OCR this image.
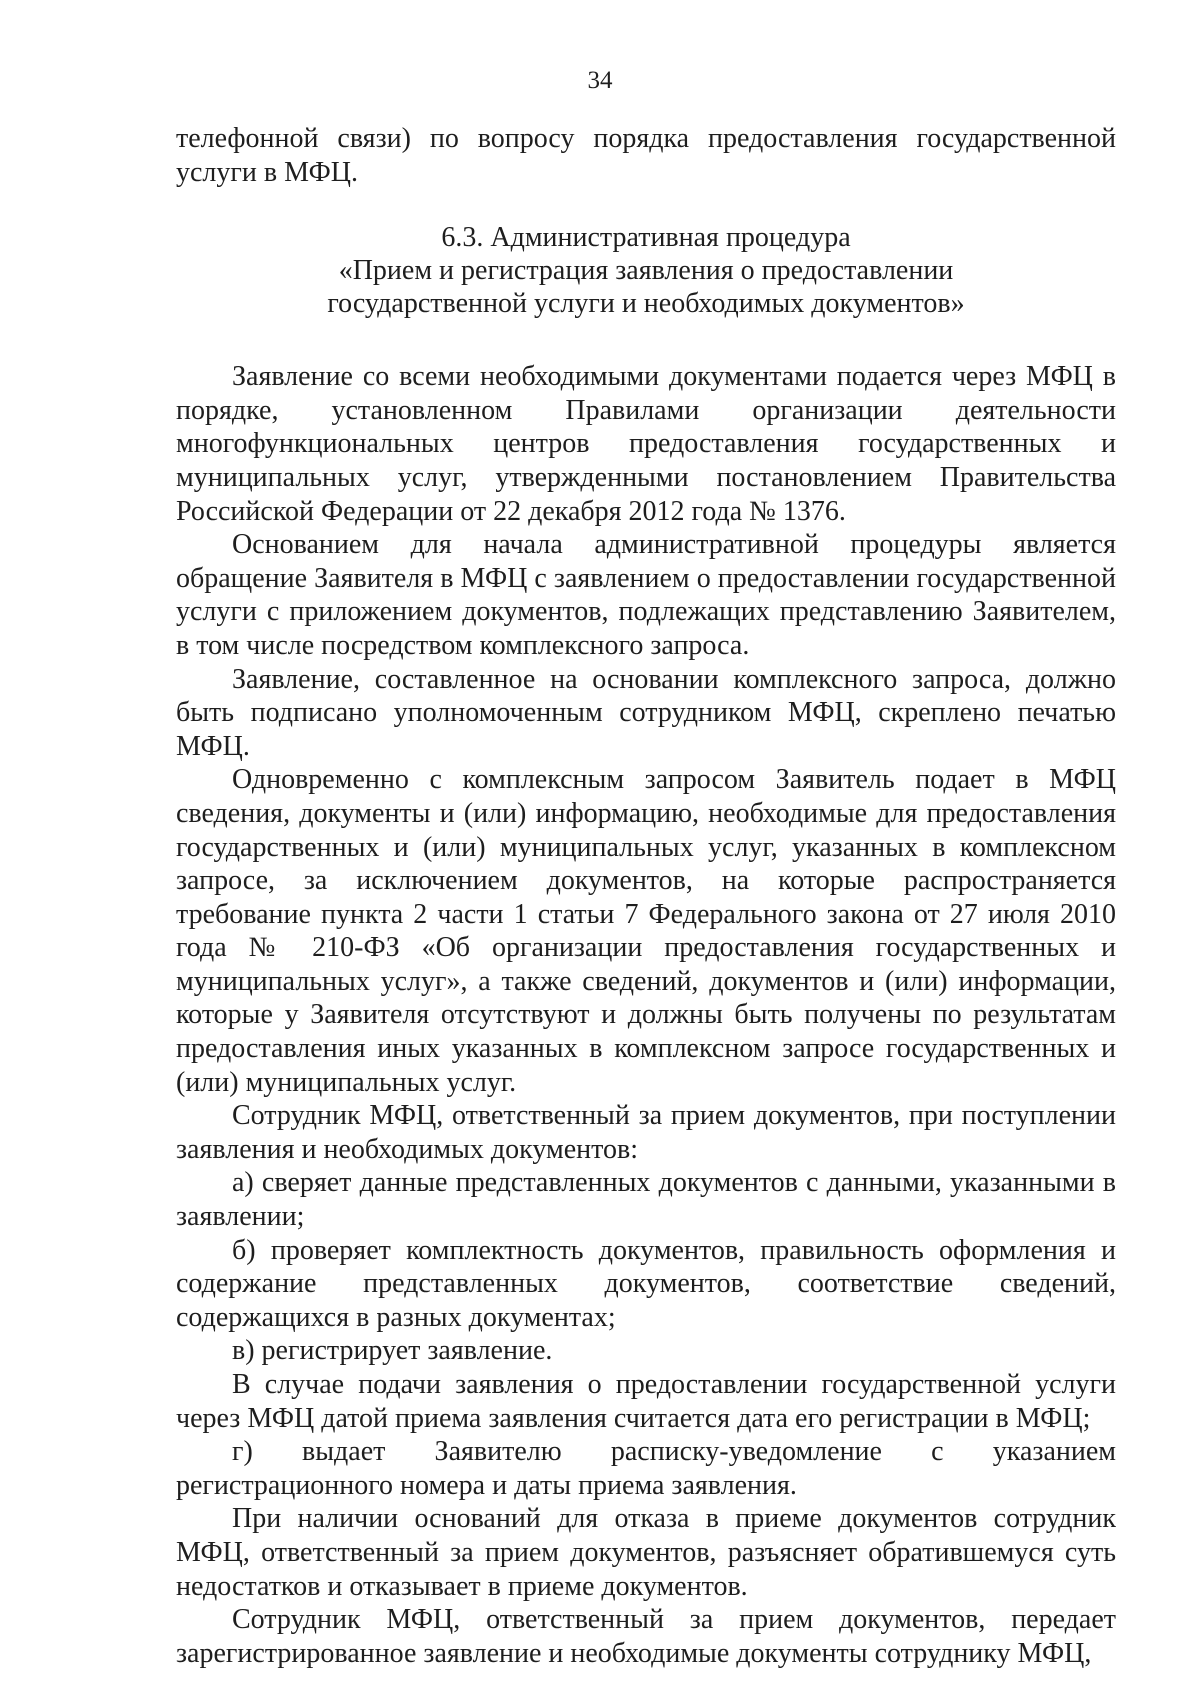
34

телефонной связи) по вопросу порядка предоставления государственной услуги в МФЦ.

6.3. Административная процедура
«Прием и регистрация заявления о предоставлении
государственной услуги и необходимых документов»

Заявление со всеми необходимыми документами подается через МФЦ в порядке, установленном Правилами организации деятельности многофункциональных центров предоставления государственных и муниципальных услуг, утвержденными постановлением Правительства Российской Федерации от 22 декабря 2012 года № 1376.

Основанием для начала административной процедуры является обращение Заявителя в МФЦ с заявлением о предоставлении государственной услуги с приложением документов, подлежащих представлению Заявителем, в том числе посредством комплексного запроса.

Заявление, составленное на основании комплексного запроса, должно быть подписано уполномоченным сотрудником МФЦ, скреплено печатью МФЦ.

Одновременно с комплексным запросом Заявитель подает в МФЦ сведения, документы и (или) информацию, необходимые для предоставления государственных и (или) муниципальных услуг, указанных в комплексном запросе, за исключением документов, на которые распространяется требование пункта 2 части 1 статьи 7 Федерального закона от 27 июля 2010 года № 210-ФЗ «Об организации предоставления государственных и муниципальных услуг», а также сведений, документов и (или) информации, которые у Заявителя отсутствуют и должны быть получены по результатам предоставления иных указанных в комплексном запросе государственных и (или) муниципальных услуг.

Сотрудник МФЦ, ответственный за прием документов, при поступлении заявления и необходимых документов:

а) сверяет данные представленных документов с данными, указанными в заявлении;

б) проверяет комплектность документов, правильность оформления и содержание представленных документов, соответствие сведений, содержащихся в разных документах;

в) регистрирует заявление.

В случае подачи заявления о предоставлении государственной услуги через МФЦ датой приема заявления считается дата его регистрации в МФЦ;

г) выдает Заявителю расписку-уведомление с указанием регистрационного номера и даты приема заявления.

При наличии оснований для отказа в приеме документов сотрудник МФЦ, ответственный за прием документов, разъясняет обратившемуся суть недостатков и отказывает в приеме документов.

Сотрудник МФЦ, ответственный за прием документов, передает зарегистрированное заявление и необходимые документы сотруднику МФЦ,
